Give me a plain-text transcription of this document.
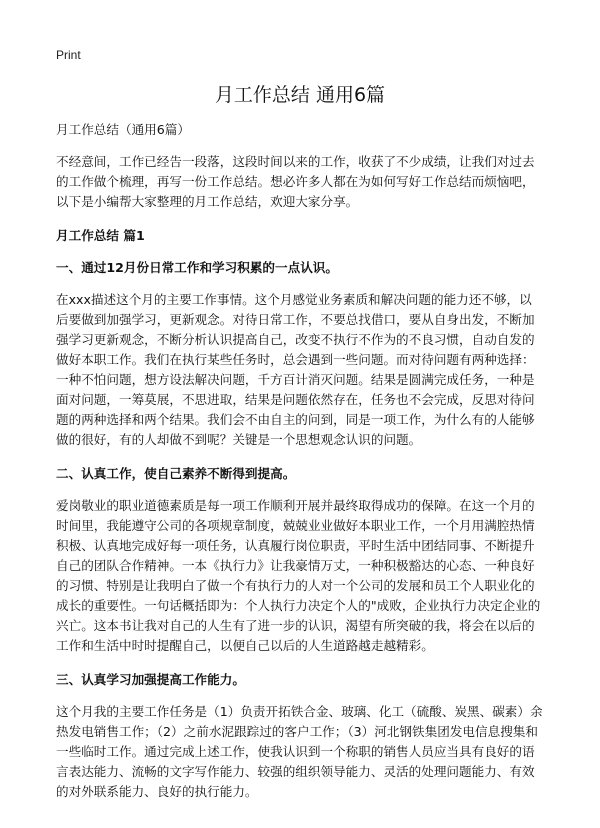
Print
月工作总结 通用6篇

月工作总结（通用6篇）

不经意间，工作已经告一段落，这段时间以来的工作，收获了不少成绩，让我们对过去的工作做个梳理，再写一份工作总结。想必许多人都在为如何写好工作总结而烦恼吧，以下是小编帮大家整理的月工作总结，欢迎大家分享。

月工作总结 篇1

一、通过12月份日常工作和学习积累的一点认识。

在xxx描述这个月的主要工作事情。这个月感觉业务素质和解决问题的能力还不够，以后要做到加强学习，更新观念。对待日常工作，不要总找借口，要从自身出发，不断加强学习更新观念，不断分析认识提高自己，改变不执行不作为的不良习惯，自动自发的做好本职工作。我们在执行某些任务时，总会遇到一些问题。而对待问题有两种选择：一种不怕问题，想方设法解决问题，千方百计消灭问题。结果是圆满完成任务，一种是面对问题，一筹莫展，不思进取，结果是问题依然存在，任务也不会完成，反思对待问题的两种选择和两个结果。我们会不由自主的问到，同是一项工作，为什么有的人能够做的很好，有的人却做不到呢？关键是一个思想观念认识的问题。

二、认真工作，使自己素养不断得到提高。

爱岗敬业的职业道德素质是每一项工作顺利开展并最终取得成功的保障。在这一个月的时间里，我能遵守公司的各项规章制度，兢兢业业做好本职业工作，一个月用满腔热情积极、认真地完成好每一项任务，认真履行岗位职责，平时生活中团结同事、不断提升自己的团队合作精神。一本《执行力》让我豪情万丈，一种积极豁达的心态、一种良好的习惯、特别是让我明白了做一个有执行力的人对一个公司的发展和员工个人职业化的成长的重要性。一句话概括即为：个人执行力决定个人的"成败，企业执行力决定企业的兴亡。这本书让我对自己的人生有了进一步的认识，渴望有所突破的我，将会在以后的工作和生活中时时提醒自己，以便自己以后的人生道路越走越精彩。

三、认真学习加强提高工作能力。

这个月我的主要工作任务是（1）负责开拓铁合金、玻璃、化工（硫酸、炭黑、碳素）余热发电销售工作；（2）之前水泥跟踪过的客户工作；（3）河北钢铁集团发电信息搜集和一些临时工作。通过完成上述工作，使我认识到一个称职的销售人员应当具有良好的语言表达能力、流畅的文字写作能力、较强的组织领导能力、灵活的处理问题能力、有效的对外联系能力、良好的执行能力。
